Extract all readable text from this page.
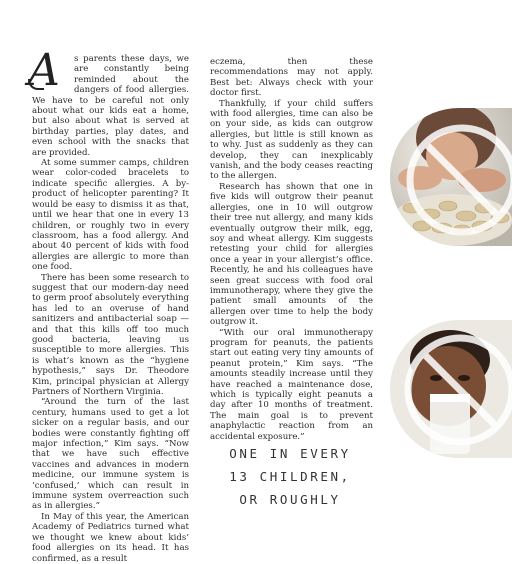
A	s parents these days, we are constantly being reminded about the dangers of food allergies. We have to be careful not only about what our kids eat a home, but also about what is served at birthday parties, play dates, and even school with the snacks that are provided.

At some summer camps, children wear color-coded bracelets to indicate specific allergies. A by-product of helicopter parenting? It would be easy to dismiss it as that, until we hear that one in every 13 children, or roughly two in every classroom, has a food allergy. And about 40 percent of kids with food allergies are allergic to more than one food.

There has been some research to suggest that our modern-day need to germ proof absolutely everything has led to an overuse of hand sanitizers and antibacterial soap — and that this kills off too much good bacteria, leaving us susceptible to more allergies. This is what’s known as the “hygiene hypothesis,” says Dr. Theodore Kim, principal physician at Allergy Partners of Northern Virginia.

“Around the turn of the last century, humans used to get a lot sicker on a regular basis, and our bodies were constantly fighting off major infection,” Kim says. “Now that we have such effective vaccines and advances in modern medicine, our immune system is ‘confused,’ which can result in immune system overreaction such as in allergies.”

In May of this year, the American Academy of Pediatrics turned what we thought we knew about kids’ food allergies on its head. It has confirmed, as a result

eczema, then these recommendations may not apply. Best bet: Always check with your doctor first.

Thankfully, if your child suffers with food allergies, time can also be on your side, as kids can outgrow allergies, but little is still known as to why. Just as suddenly as they can develop, they can inexplicably vanish, and the body ceases reacting to the allergen.

Research has shown that one in five kids will outgrow their peanut allergies, one in 10 will outgrow their tree nut allergy, and many kids eventually outgrow their milk, egg, soy and wheat allergy. Kim suggests retesting your child for allergies once a year in your allergist’s office. Recently, he and his colleagues have seen great success with food oral immunotherapy, where they give the patient small amounts of the allergen over time to help the body outgrow it.

“With our oral immunotherapy program for peanuts, the patients start out eating very tiny amounts of peanut protein,” Kim says. “The amounts steadily increase until they have reached a maintenance dose, which is typically eight peanuts a day after 10 months of treatment. The main goal is to prevent anaphylactic reaction from an accidental exposure.”

ONE IN EVERY
13 CHILDREN,
OR ROUGHLY
